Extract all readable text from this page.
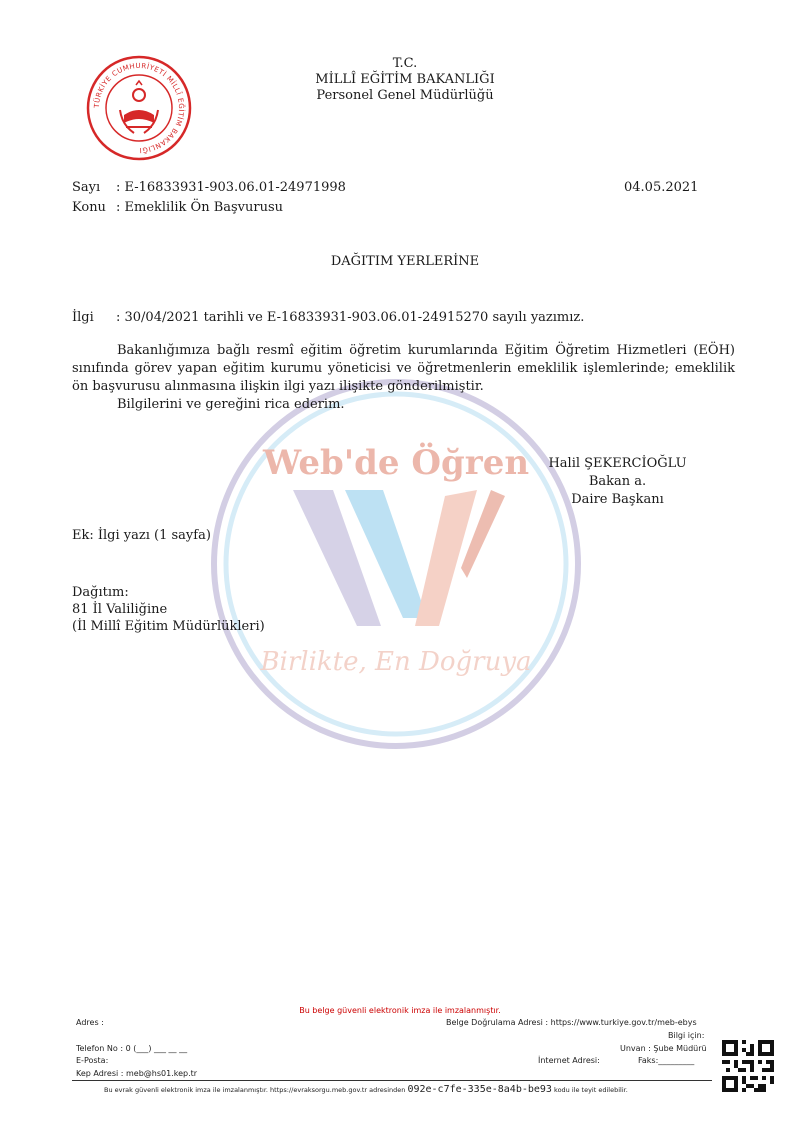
TÜRKİYE CUMHURİYETİ MİLLÎ EĞİTİM BAKANLIĞI
T.C.
MİLLÎ EĞİTİM BAKANLIĞI
Personel Genel Müdürlüğü
Sayı : E-16833931-903.06.01-24971998	04.05.2021
Konu : Emeklilik Ön Başvurusu
DAĞITIM YERLERİNE
İlgi : 30/04/2021 tarihli ve E-16833931-903.06.01-24915270 sayılı yazımız.
Web'de Öğren
Birlikte, En Doğruya
Bakanlığımıza bağlı resmî eğitim öğretim kurumlarında Eğitim Öğretim Hizmetleri (EÖH) sınıfında görev yapan eğitim kurumu yöneticisi ve öğretmenlerin emeklilik işlemlerinde; emeklilik ön başvurusu alınmasına ilişkin ilgi yazı ilişikte gönderilmiştir.
Bilgilerini ve gereğini rica ederim.
Halil ŞEKERCİOĞLU
Bakan a.
Daire Başkanı
Ek: İlgi yazı (1 sayfa)
Dağıtım:
81 İl Valiliğine
(İl Millî Eğitim Müdürlükleri)
Bu belge güvenli elektronik imza ile imzalanmıştır.
Adres :	Belge Doğrulama Adresi : https://www.turkiye.gov.tr/meb-ebys
Bilgi için:
Telefon No : 0 (___) ___ __ __	Unvan : Şube Müdürü
E-Posta:	İnternet Adresi:	Faks:_________
Kep Adresi : meb@hs01.kep.tr
Bu evrak güvenli elektronik imza ile imzalanmıştır. https://evraksorgu.meb.gov.tr adresinden 092e-c7fe-335e-8a4b-be93 kodu ile teyit edilebilir.
